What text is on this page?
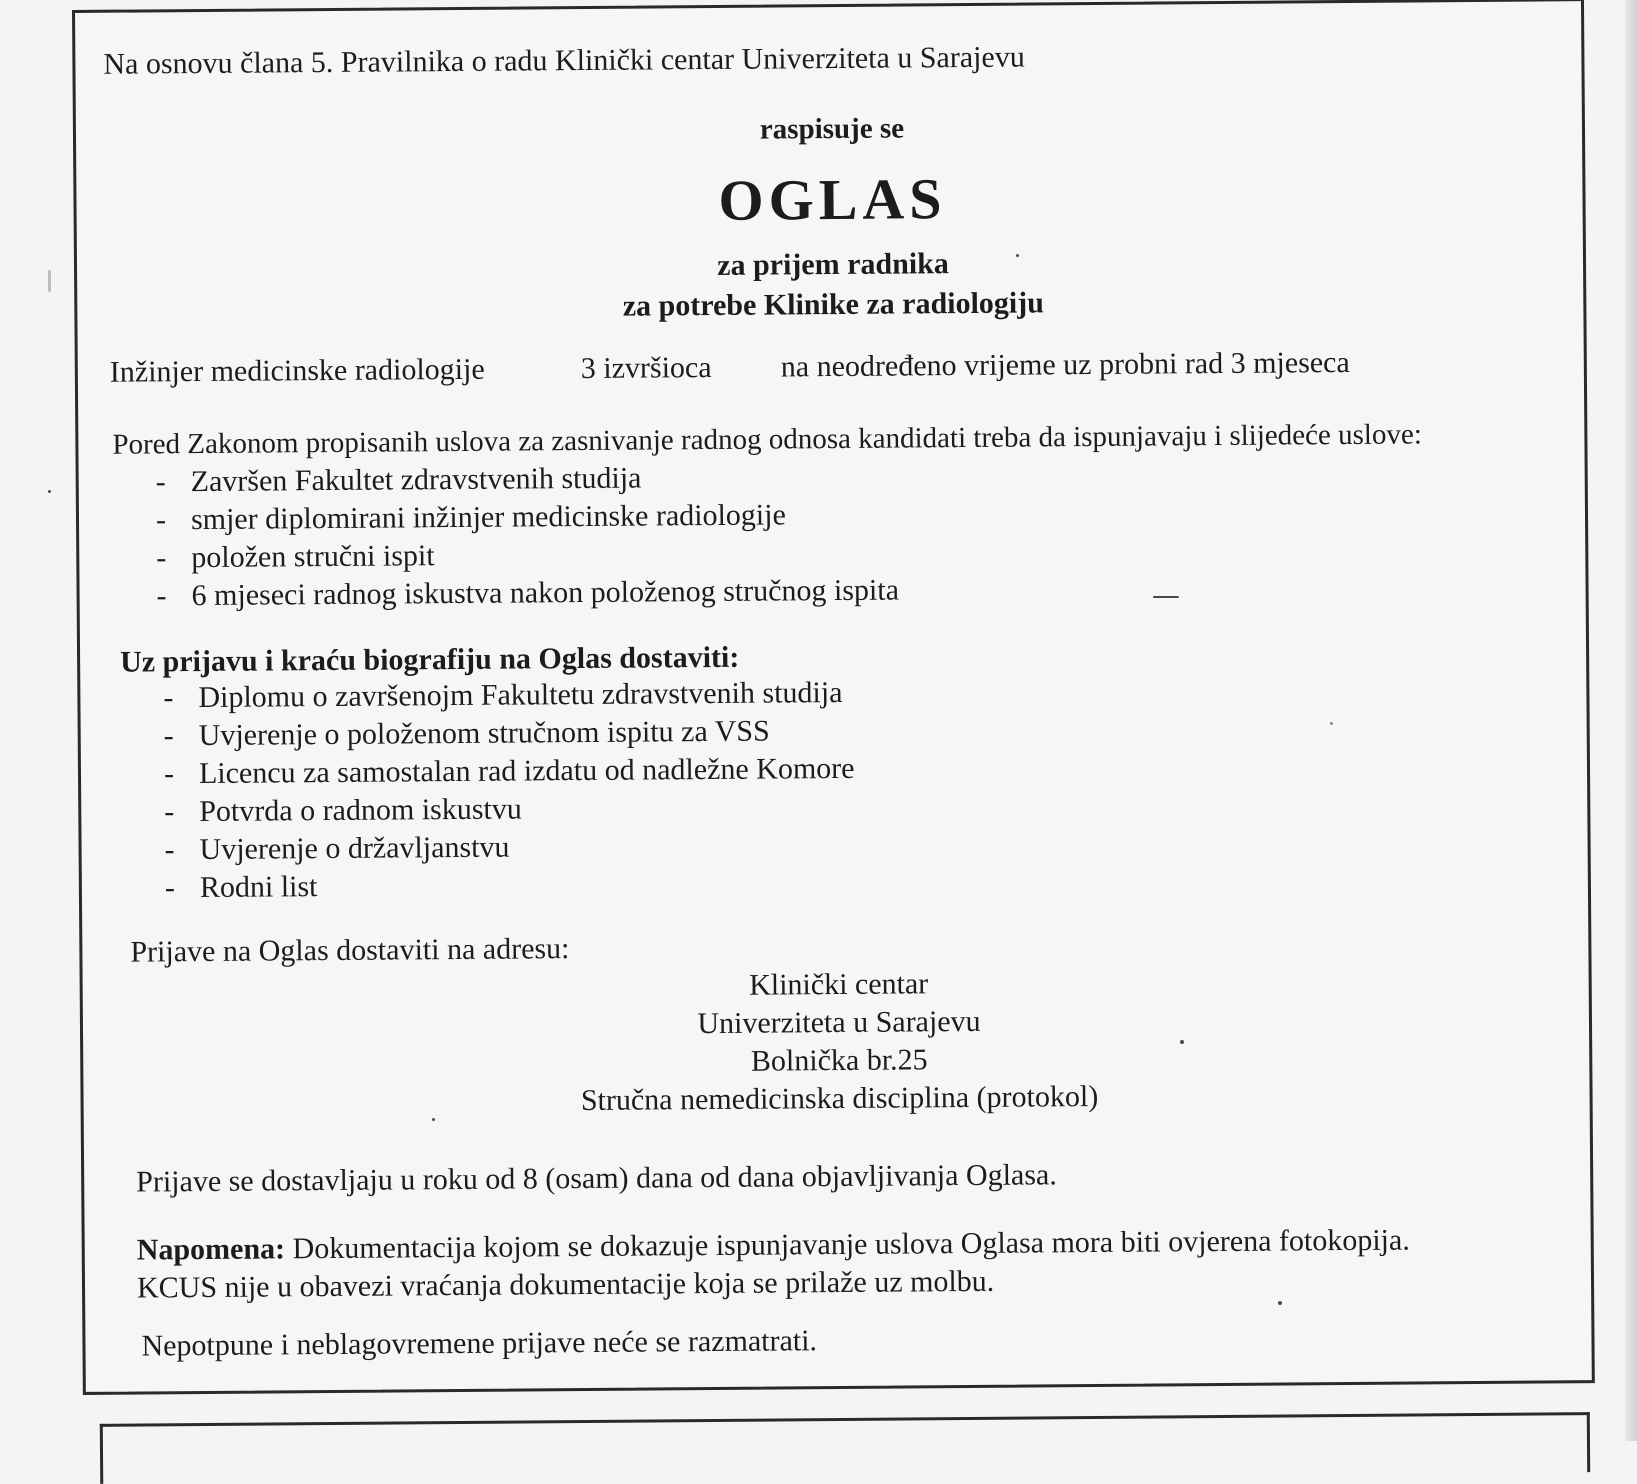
Na osnovu člana 5. Pravilnika o radu Klinički centar Univerziteta u Sarajevu
raspisuje se
OGLAS
za prijem radnika
za potrebe Klinike za radiologiju
Inžinjer medicinske radiologije	3 izvršioca na neodređeno vrijeme uz probni rad 3 mjeseca
Pored Zakonom propisanih uslova za zasnivanje radnog odnosa kandidati treba da ispunjavaju i slijedeće uslove:
- Završen Fakultet zdravstvenih studija
- smjer diplomirani inžinjer medicinske radiologije
- položen stručni ispit
- 6 mjeseci radnog iskustva nakon položenog stručnog ispita
Uz prijavu i kraću biografiju na Oglas dostaviti:
- Diplomu o završenojm Fakultetu zdravstvenih studija
- Uvjerenje o položenom stručnom ispitu za VSS
- Licencu za samostalan rad izdatu od nadležne Komore
- Potvrda o radnom iskustvu
- Uvjerenje o državljanstvu
- Rodni list
Prijave na Oglas dostaviti na adresu:
Klinički centar
Univerziteta u Sarajevu
Bolnička br.25
Stručna nemedicinska disciplina (protokol)
Prijave se dostavljaju u roku od 8 (osam) dana od dana objavljivanja Oglasa.
Napomena: Dokumentacija kojom se dokazuje ispunjavanje uslova Oglasa mora biti ovjerena fotokopija.
KCUS nije u obavezi vraćanja dokumentacije koja se prilaže uz molbu.
Nepotpune i neblagovremene prijave neće se razmatrati.
